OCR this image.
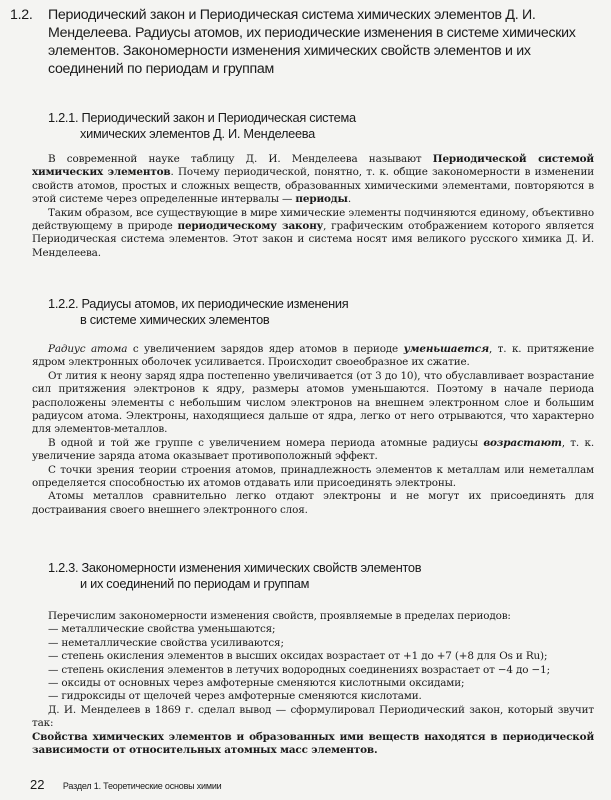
1.2. Периодический закон и Периодическая система химических элементов Д. И. Менделеева. Радиусы атомов, их периодические изменения в системе химических элементов. Закономерности изменения химических свойств элементов и их соединений по периодам и группам
1.2.1. Периодический закон и Периодическая система
химических элементов Д. И. Менделеева

В современной науке таблицу Д. И. Менделеева называют Периодической системой химических элементов. Почему периодической, понятно, т. к. общие закономерности в изменении свойств атомов, простых и сложных веществ, образованных химическими элементами, повторяются в этой системе через определенные интервалы — периоды.

Таким образом, все существующие в мире химические элементы подчиняются единому, объективно действующему в природе периодическому закону, графическим отображением которого является Периодическая система элементов. Этот закон и система носят имя великого русского химика Д. И. Менделеева.

1.2.2. Радиусы атомов, их периодические изменения
в системе химических элементов

Радиус атома с увеличением зарядов ядер атомов в периоде уменьшается, т. к. притяжение ядром электронных оболочек усиливается. Происходит своеобразное их сжатие.

От лития к неону заряд ядра постепенно увеличивается (от 3 до 10), что обуславливает возрастание сил притяжения электронов к ядру, размеры атомов уменьшаются. Поэтому в начале периода расположены элементы с небольшим числом электронов на внешнем электронном слое и большим радиусом атома. Электроны, находящиеся дальше от ядра, легко от него отрываются, что характерно для элементов-металлов.

В одной и той же группе с увеличением номера периода атомные радиусы возрастают, т. к. увеличение заряда атома оказывает противоположный эффект.

С точки зрения теории строения атомов, принадлежность элементов к металлам или неметаллам определяется способностью их атомов отдавать или присоединять электроны.

Атомы металлов сравнительно легко отдают электроны и не могут их присоединять для достраивания своего внешнего электронного слоя.

1.2.3. Закономерности изменения химических свойств элементов
и их соединений по периодам и группам

Перечислим закономерности изменения свойств, проявляемые в пределах периодов:

— металлические свойства уменьшаются;

— неметаллические свойства усиливаются;

— степень окисления элементов в высших оксидах возрастает от +1 до +7 (+8 для Os и Ru);

— степень окисления элементов в летучих водородных соединениях возрастает от −4 до −1;

— оксиды от основных через амфотерные сменяются кислотными оксидами;

— гидроксиды от щелочей через амфотерные сменяются кислотами.

Д. И. Менделеев в 1869 г. сделал вывод — сформулировал Периодический закон, который звучит так:

Свойства химических элементов и образованных ими веществ находятся в периодической зависимости от относительных атомных масс элементов.

22 Раздел 1. Теоретические основы химии
